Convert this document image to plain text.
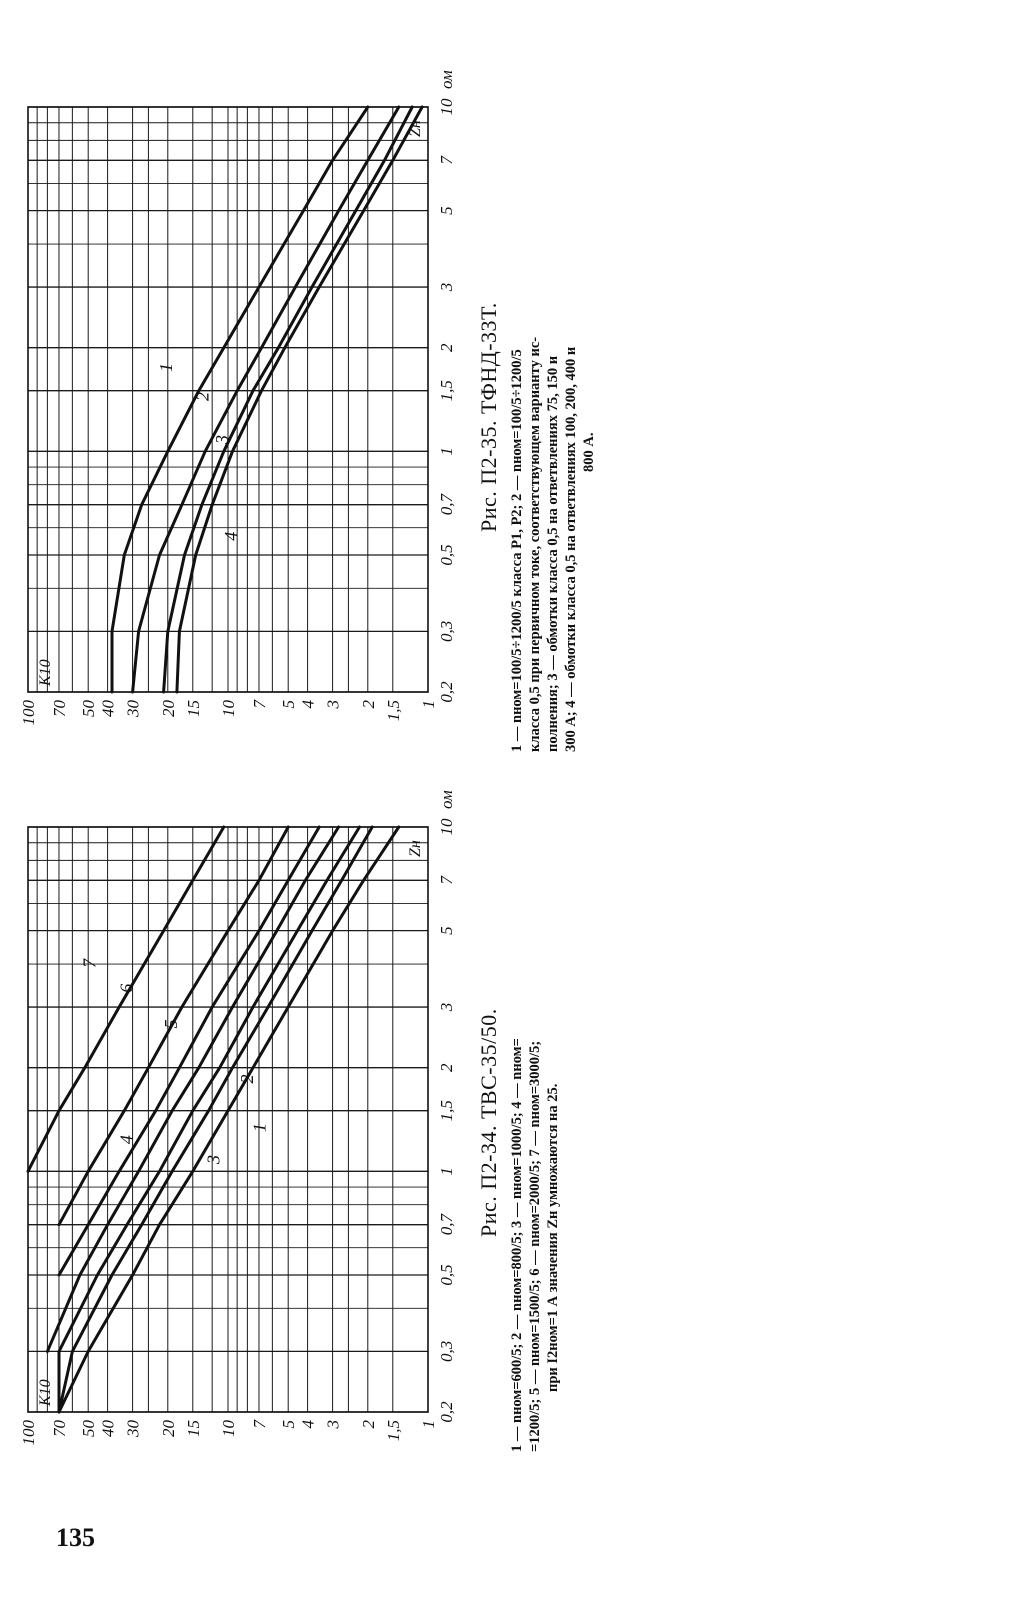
0,2
0,3
0,5
0,7
1
1,5
2
3
5
7
10
ом
1
1,5
2
3
4
5
7
10
15
20
30
40
50
70
100
K10
Zн
1
2
3
4
5
6
7
Рис. П2-34. ТВС-35/50. 1 — nном=600/5; 2 — nном=800/5; 3 — nном=1000/5; 4 — nном= =1200/5; 5 — nном=1500/5; 6 — nном=2000/5; 7 — nном=3000/5; при I2ном=1 А значения Zн умножаются на 25.
0,2
0,3
0,5
0,7
1
1,5
2
3
5
7
10
ом
1
1,5
2
3
4
5
7
10
15
20
30
40
50
70
100
K10
Zн
1
2
3
4
Рис. П2-35. ТФНД-33Т. 1 — nном=100/5÷1200/5 класса Р1, Р2; 2 — nном=100/5÷1200/5 класса 0,5 при первичном токе, соответствующем варианту ис- полнения; 3 — обмотки класса 0,5 на ответвлениях 75, 150 и 300 А; 4 — обмотки класса 0,5 на ответвлениях 100, 200, 400 и 800 А.
135
